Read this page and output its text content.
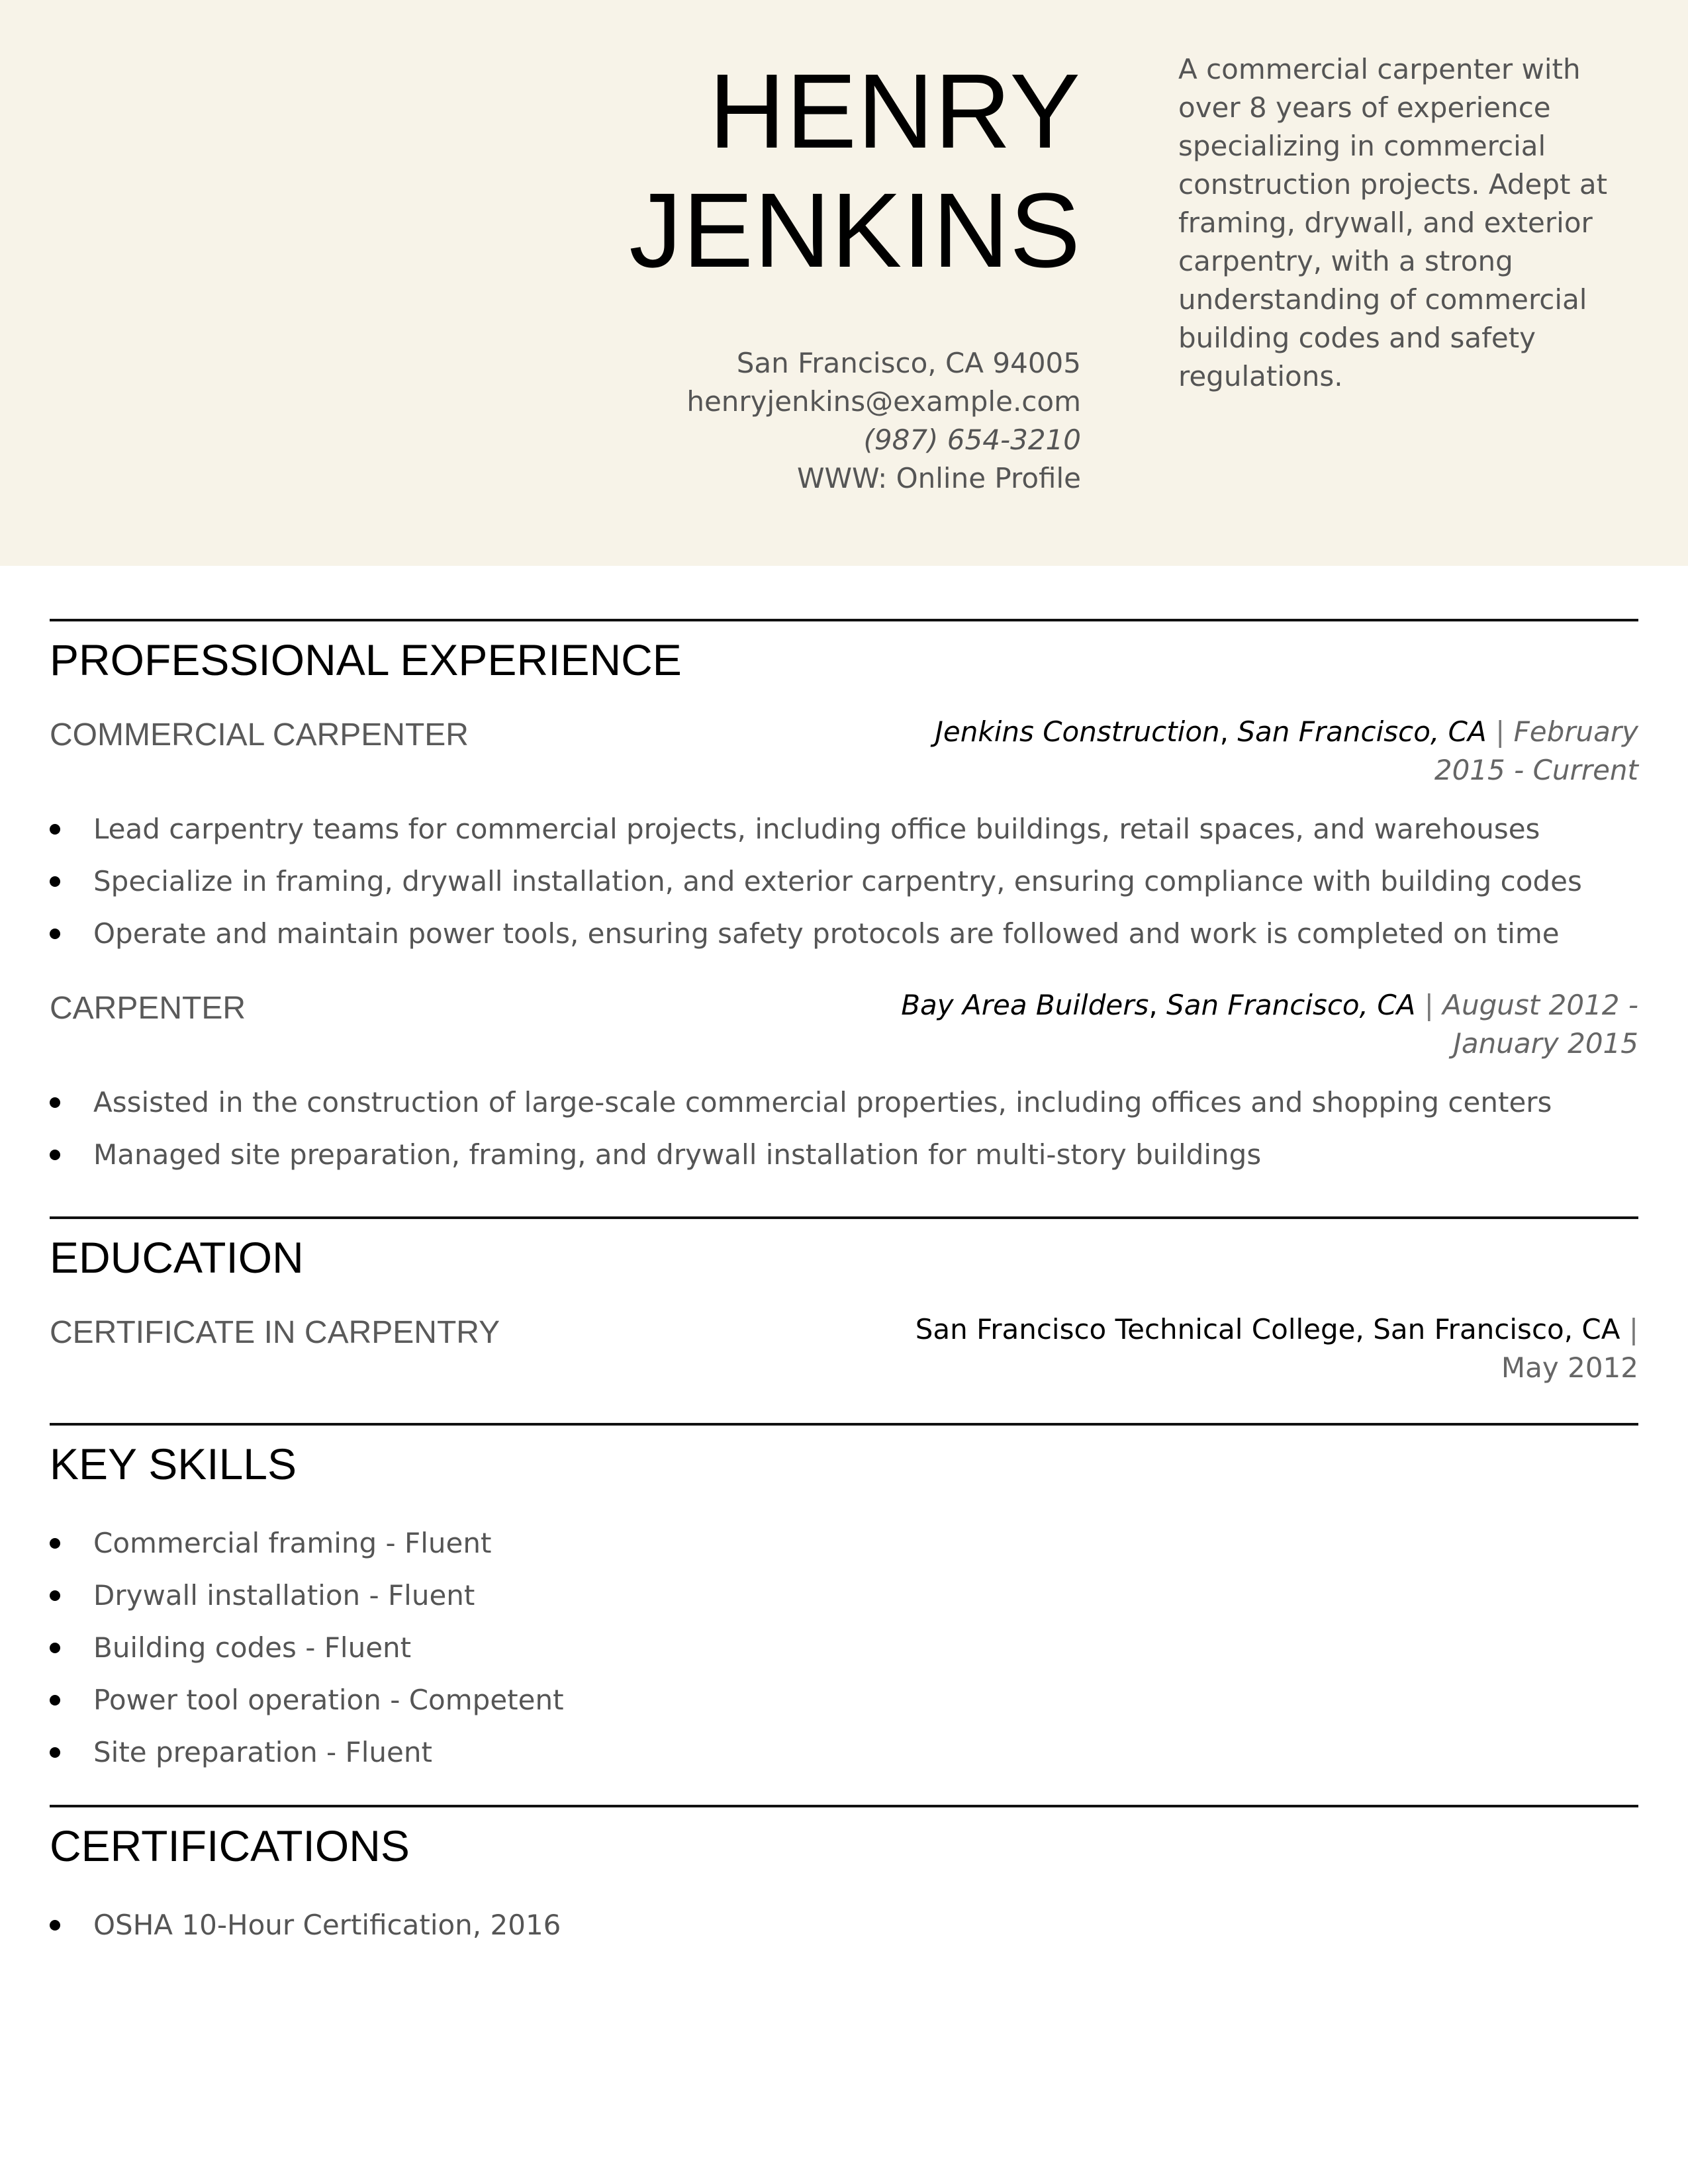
HENRY
JENKINS
San Francisco, CA 94005
henryjenkins@example.com
(987) 654-3210
WWW: Online Profile
A commercial carpenter with over 8 years of experience specializing in commercial construction projects. Adept at framing, drywall, and exterior carpentry, with a strong understanding of commercial building codes and safety regulations.
PROFESSIONAL EXPERIENCE
COMMERCIAL CARPENTER	Jenkins Construction, San Francisco, CA | February
2015 - Current
Lead carpentry teams for commercial projects, including office buildings, retail spaces, and warehouses
Specialize in framing, drywall installation, and exterior carpentry, ensuring compliance with building codes
Operate and maintain power tools, ensuring safety protocols are followed and work is completed on time
CARPENTER	Bay Area Builders, San Francisco, CA | August 2012 -
January 2015
Assisted in the construction of large-scale commercial properties, including offices and shopping centers
Managed site preparation, framing, and drywall installation for multi-story buildings
EDUCATION
CERTIFICATE IN CARPENTRY	San Francisco Technical College, San Francisco, CA |
May 2012
KEY SKILLS
Commercial framing - Fluent
Drywall installation - Fluent
Building codes - Fluent
Power tool operation - Competent
Site preparation - Fluent
CERTIFICATIONS
OSHA 10-Hour Certification, 2016
